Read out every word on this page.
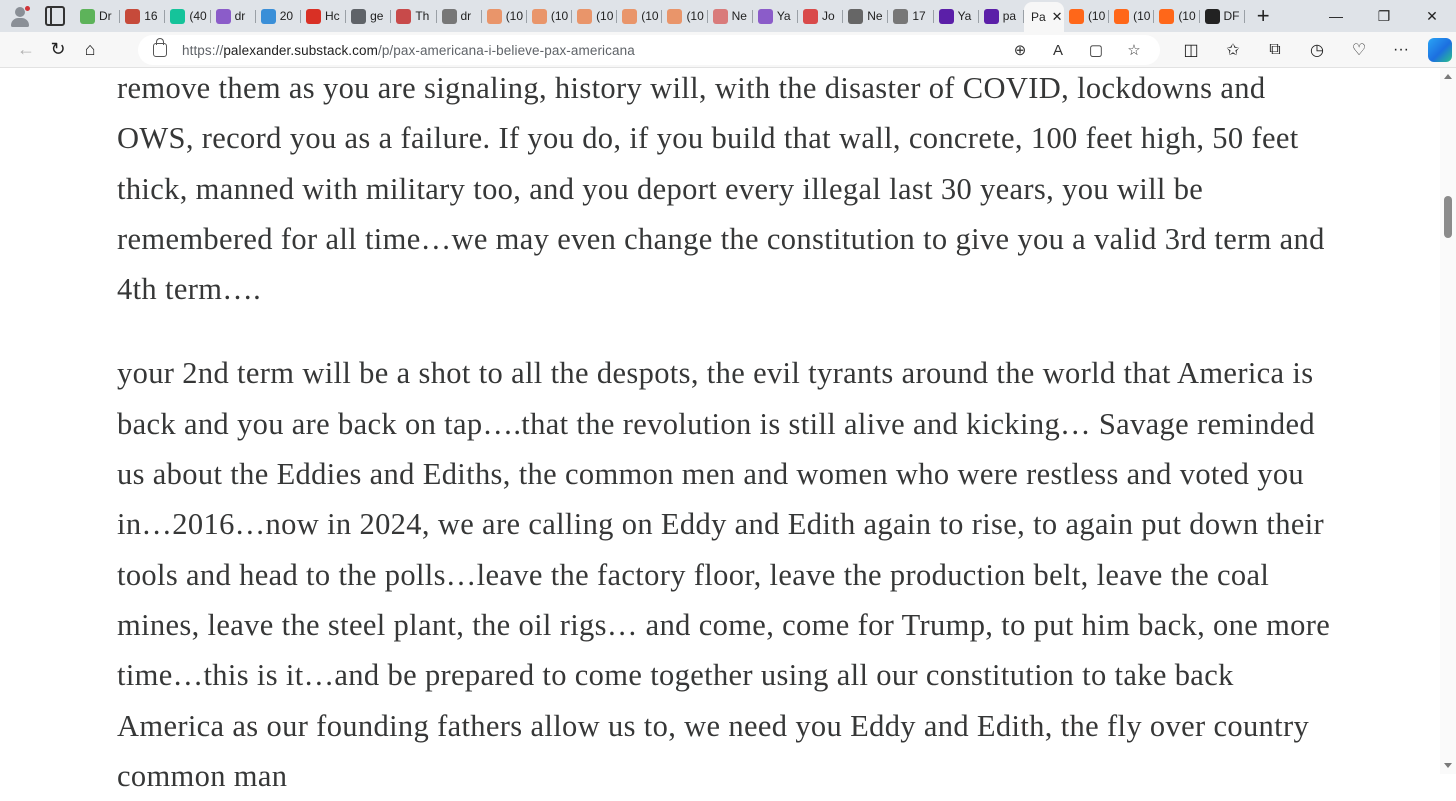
Dr	16	(40 dr	20	Hc	ge	Th	dr	(10 (10 (10 (10 (10 Ne Ya	Jo	Ne 17	Ya	pa Pa ✕ (10 (10 (10 DF +	—	❐	✕
← ↻	⌂	https://palexander.substack.com/p/pax-americana-i-believe-pax-americana	⊕	A	▢	☆	◫	✩	⧉	◷	♡	···

remove them as you are signaling, history will, with the disaster of COVID, lockdowns and OWS, record you as a failure. If you do, if you build that wall, concrete, 100 feet high, 50 feet thick, manned with military too, and you deport every illegal last 30 years, you will be remembered for all time…we may even change the constitution to give you a valid 3rd term and 4th term….

your 2nd term will be a shot to all the despots, the evil tyrants around the world that America is back and you are back on tap….that the revolution is still alive and kicking… Savage reminded us about the Eddies and Ediths, the common men and women who were restless and voted you in…2016…now in 2024, we are calling on Eddy and Edith again to rise, to again put down their tools and head to the polls…leave the factory floor, leave the production belt, leave the coal mines, leave the steel plant, the oil rigs… and come, come for Trump, to put him back, one more time…this is it…and be prepared to come together using all our constitution to take back America as our founding fathers allow us to, we need you Eddy and Edith, the fly over country common man
